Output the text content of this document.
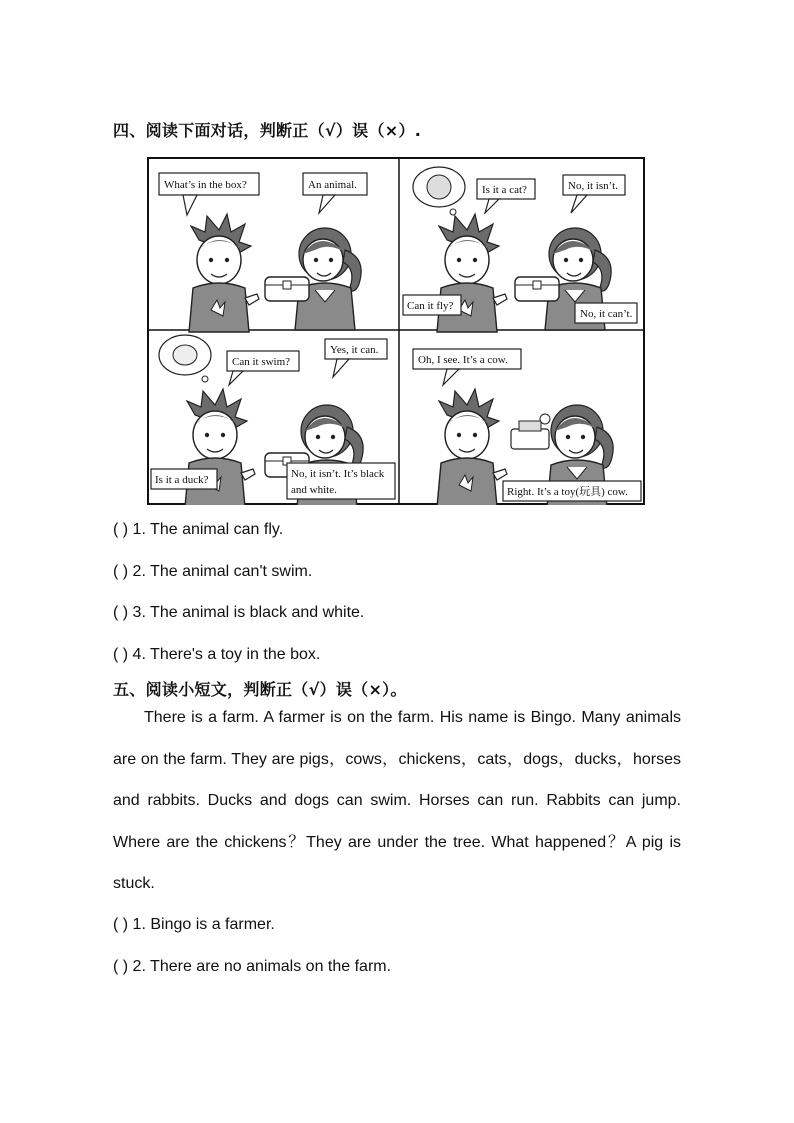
四、阅读下面对话，判断正（√）误（×）.
What’s in the box?	An animal.	Is it a cat?	No, it isn’t.
Can it fly?
No, it can’t.
Can it swim?
Yes, it can.
Is it a duck?	No, it isn’t. It’s black
and white.
Oh, I see. It’s a cow.
Right. It’s a toy(玩具) cow.
( ) 1. The animal can fly.
( ) 2. The animal can't swim.
( ) 3. The animal is black and white.
( ) 4. There's a toy in the box.
五、阅读小短文，判断正（√）误（×）。
There is a farm. A farmer is on the farm. His name is Bingo. Many animals are on the farm. They are pigs，cows，chickens，cats，dogs，ducks，horses and rabbits. Ducks and dogs can swim. Horses can run. Rabbits can jump. Where are the chickens？They are under the tree. What happened？A pig is stuck.
( ) 1. Bingo is a farmer.
( ) 2. There are no animals on the farm.
